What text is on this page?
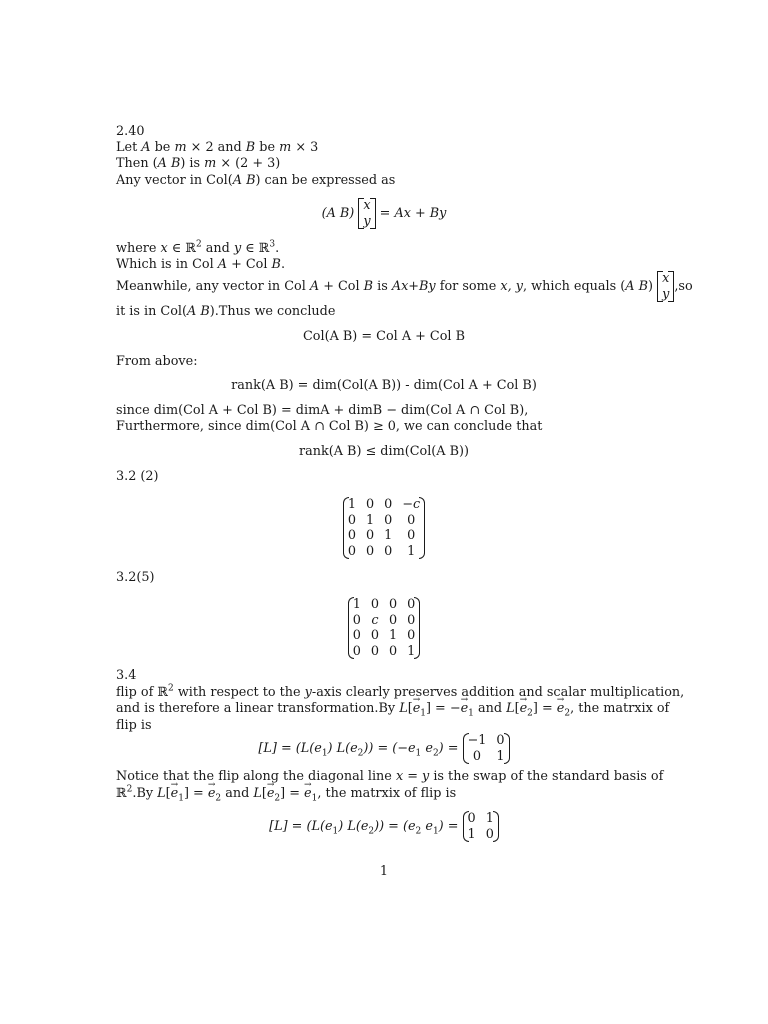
2.40
Let A be m × 2 and B be m × 3
Then (A B) is m × (2 + 3)
Any vector in Col(A B) can be expressed as
(A B)
x
y = Ax + By
where x ∈ ℝ$^2$ and y ∈ ℝ$^3$.
Which is in Col A + Col B.
Meanwhile, any vector in Col A + Col B is Ax+By for some x, y, which equals (A B)
x
y ,so
it is in Col(A B).Thus we conclude
Col(A B) = Col A + Col B
From above:
rank(A B) = dim(Col(A B)) - dim(Col A + Col B)
since dim(Col A + Col B) = dimA + dimB − dim(Col A ∩ Col B),
Furthermore, since dim(Col A ∩ Col B) ≥ 0, we can conclude that
rank(A B) ≤ dim(Col(A B))
3.2 (2)
1	0	0	−c
0	1	0	0
0	0	1	0
0	0	0	1
3.2(5)
1	0	0	0
0	c	0	0
0	0	1	0
0	0	0	1
3.4
flip of ℝ$^2$ with respect to the y-axis clearly preserves addition and scalar multiplication,
and is therefore a linear transformation.By $L[\to e_1]$ = −→ $e_1$ and $L[\to e_2]$ = → $e_2$, the matrxix of
flip is
$[L] = (L(e_1) L(e_2)) = (-e_1$ $e_2$) =
−1	0
0	1
Notice that the flip along the diagonal line x = y is the swap of the standard basis of
ℝ$^2$.By $L[\to e_1]$ = → $e_2$ and $L[\to e_2]$ = → $e_1$, the matrxix of flip is
$[L] = (L(e_1) L(e_2)) = (e_2$ $e_1$) =
0	1
1	0
1
